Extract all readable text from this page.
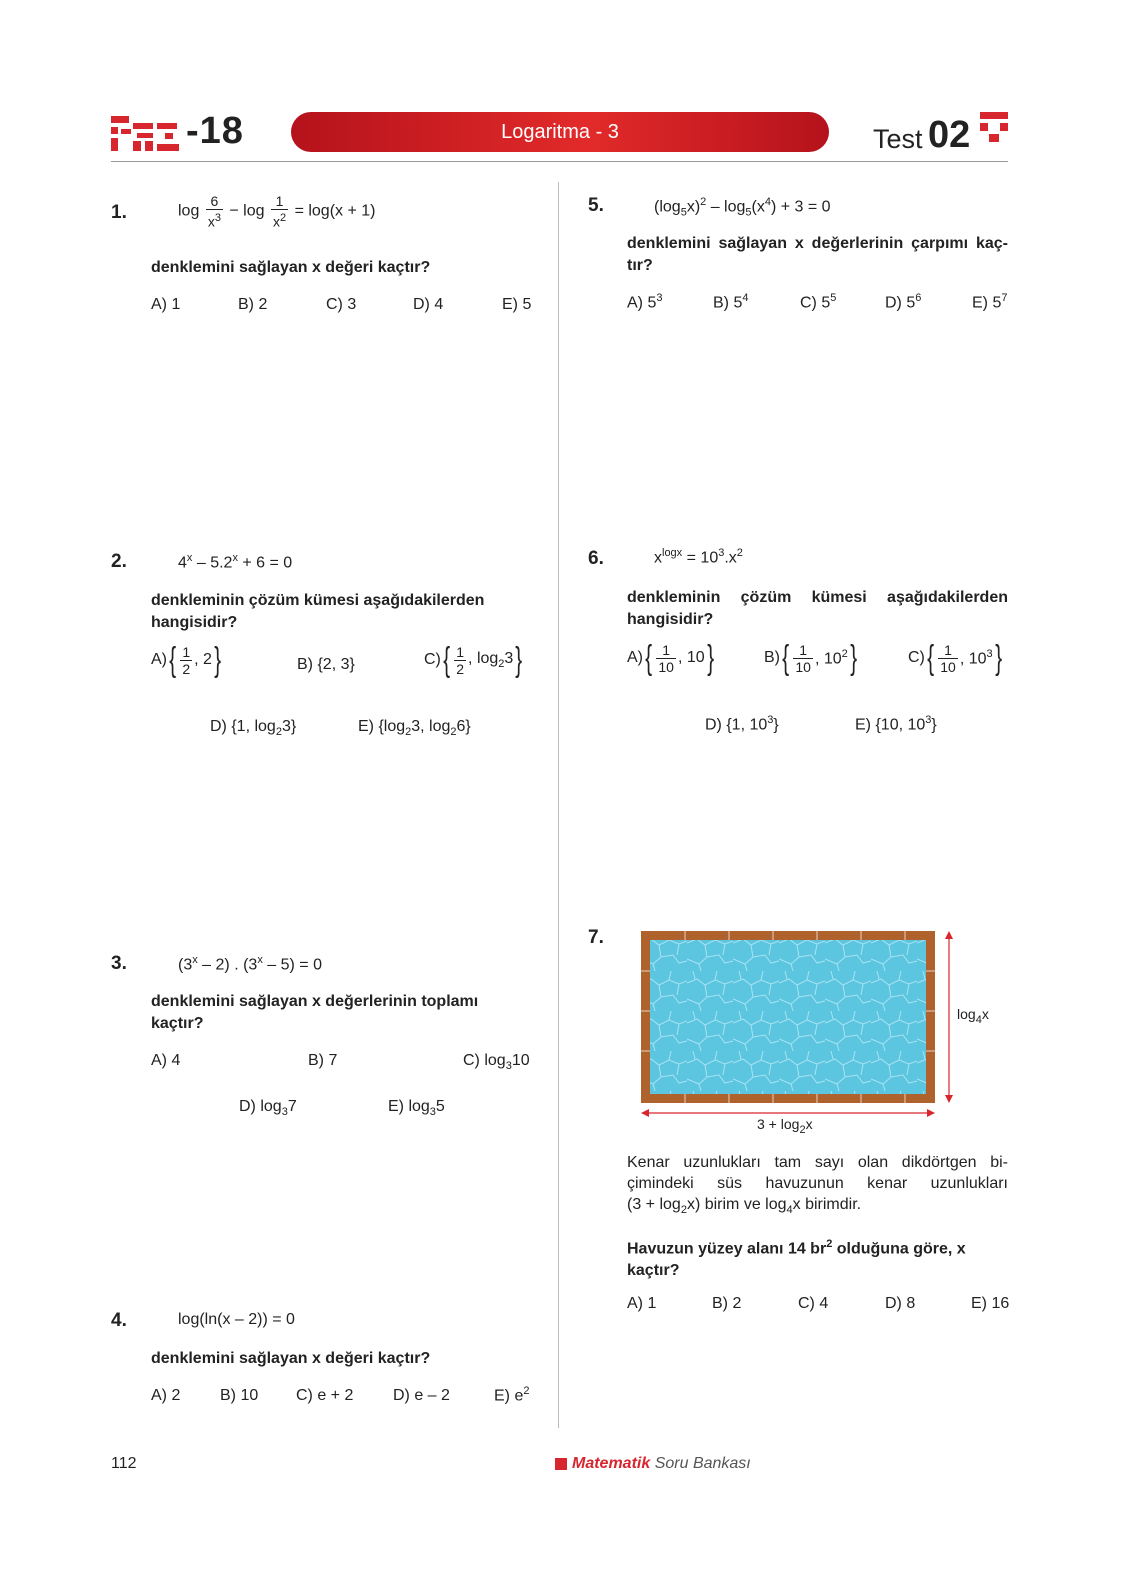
-18	Logaritma - 3	Test 02
1.	$\log \frac{6}{x^3} - \log \frac{1}{x^2} = \log(x + 1)$
denklemini sağlayan x değeri kaçtır?
A) 1	B) 2	C) 3	D) 4	E) 5
2.	$4^x - 5.2^x + 6 = 0$
denkleminin çözüm kümesi aşağıdakilerden hangisidir?
$A)\{ \frac{1}{2}$ , 2}	B) {2, 3}	$C)\{ \frac{1}{2}$ , $\log_23$}
D) {1, $\log_23$}	E) {$\log_23$, $\log_26$}
3.	(3$^x$ – 2) . (3$^x$ – 5) = 0
denklemini sağlayan x değerlerinin toplamı kaçtır?
A) 4	B) 7	C) $\log_310$
D) $\log_37$	E) $\log_35$
4.	log(ln(x – 2)) = 0
denklemini sağlayan x değeri kaçtır?
A) 2 B) 10 C) e + 2 D) e – 2	E) $e^2$
5.	$(\log_5x)^2 - \log_5(x^4) + 3 = 0$
denklemini sağlayan x değerlerinin çarpımı kaç-tır?
A) $5^3$	B) $5^4$	C) $5^5$	D) $5^6$	E) $5^7$
6.	$x^{logx} = 10^3.x^2$
denkleminin çözüm kümesi aşağıdakilerden hangisidir?
$A)\{ \frac{1}{10}$ , 10}	$B)\{ \frac{1}{10}$ , $10^2$}	$C)\{ \frac{1}{10}$ , $10^3$}
D) {1, $10^3$}	E) {10, $10^3$}
7.
$\log_4x$
$3 + \log_2x$
Kenar uzunlukları tam sayı olan dikdörtgen bi-
çimindeki süs havuzunun kenar uzunlukları
$(3 + \log_2x)$ birim ve $\log_4x$ birimdir.
Havuzun yüzey alanı 14 $br^2$ olduğuna göre, x kaçtır?
A) 1	B) 2	C) 4	D) 8	E) 16
112	Matematik Soru Bankası
